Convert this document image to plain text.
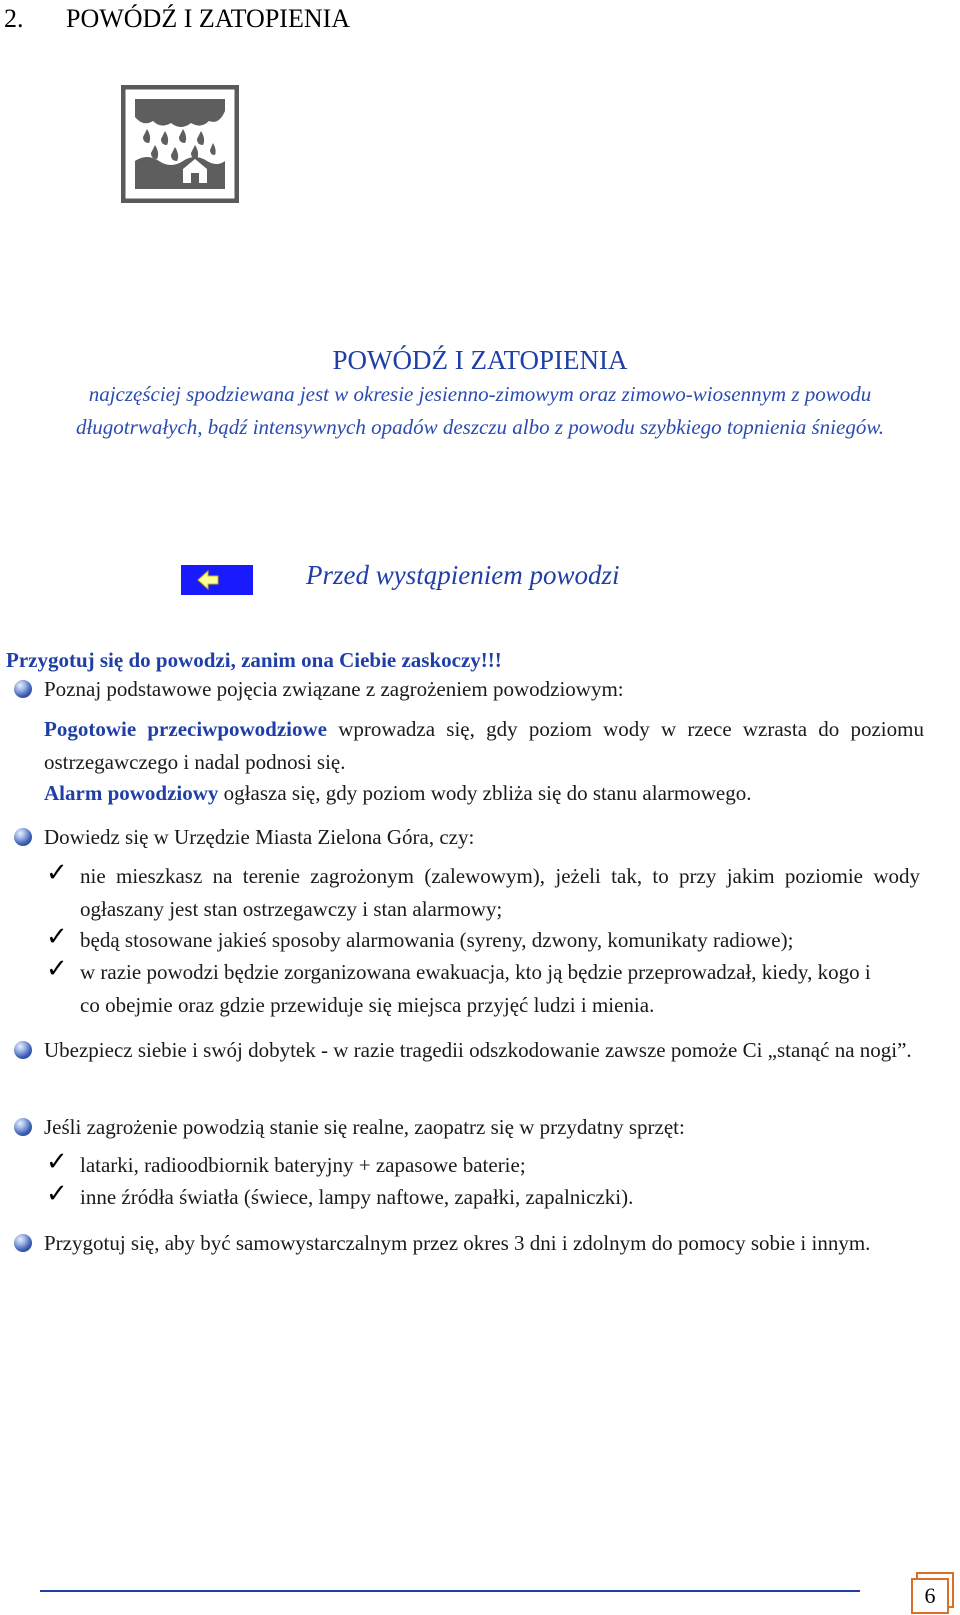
2. POWÓDŹ I ZATOPIENIA
POWÓDŹ I ZATOPIENIA
najczęściej spodziewana jest w okresie jesienno-zimowym oraz zimowo-wiosennym z powodu długotrwałych, bądź intensywnych opadów deszczu albo z powodu szybkiego topnienia śniegów.
Przed wystąpieniem powodzi
Przygotuj się do powodzi, zanim ona Ciebie zaskoczy!!!
Poznaj podstawowe pojęcia związane z zagrożeniem powodziowym:
Pogotowie przeciwpowodziowe wprowadza się, gdy poziom wody w rzece wzrasta do poziomu ostrzegawczego i nadal podnosi się.
Alarm powodziowy ogłasza się, gdy poziom wody zbliża się do stanu alarmowego.
Dowiedz się w Urzędzie Miasta Zielona Góra, czy:
✓ nie mieszkasz na terenie zagrożonym (zalewowym), jeżeli tak, to przy jakim poziomie wody ogłaszany jest stan ostrzegawczy i stan alarmowy;
✓ będą stosowane jakieś sposoby alarmowania (syreny, dzwony, komunikaty radiowe);
✓ w razie powodzi będzie zorganizowana ewakuacja, kto ją będzie przeprowadzał, kiedy, kogo i co obejmie oraz gdzie przewiduje się miejsca przyjęć ludzi i mienia.
Ubezpiecz siebie i swój dobytek - w razie tragedii odszkodowanie zawsze pomoże Ci „stanąć na nogi”.
Jeśli zagrożenie powodzią stanie się realne, zaopatrz się w przydatny sprzęt:
✓ latarki, radioodbiornik bateryjny + zapasowe baterie;
✓ inne źródła światła (świece, lampy naftowe, zapałki, zapalniczki).
Przygotuj się, aby być samowystarczalnym przez okres 3 dni i zdolnym do pomocy sobie i innym.
6
